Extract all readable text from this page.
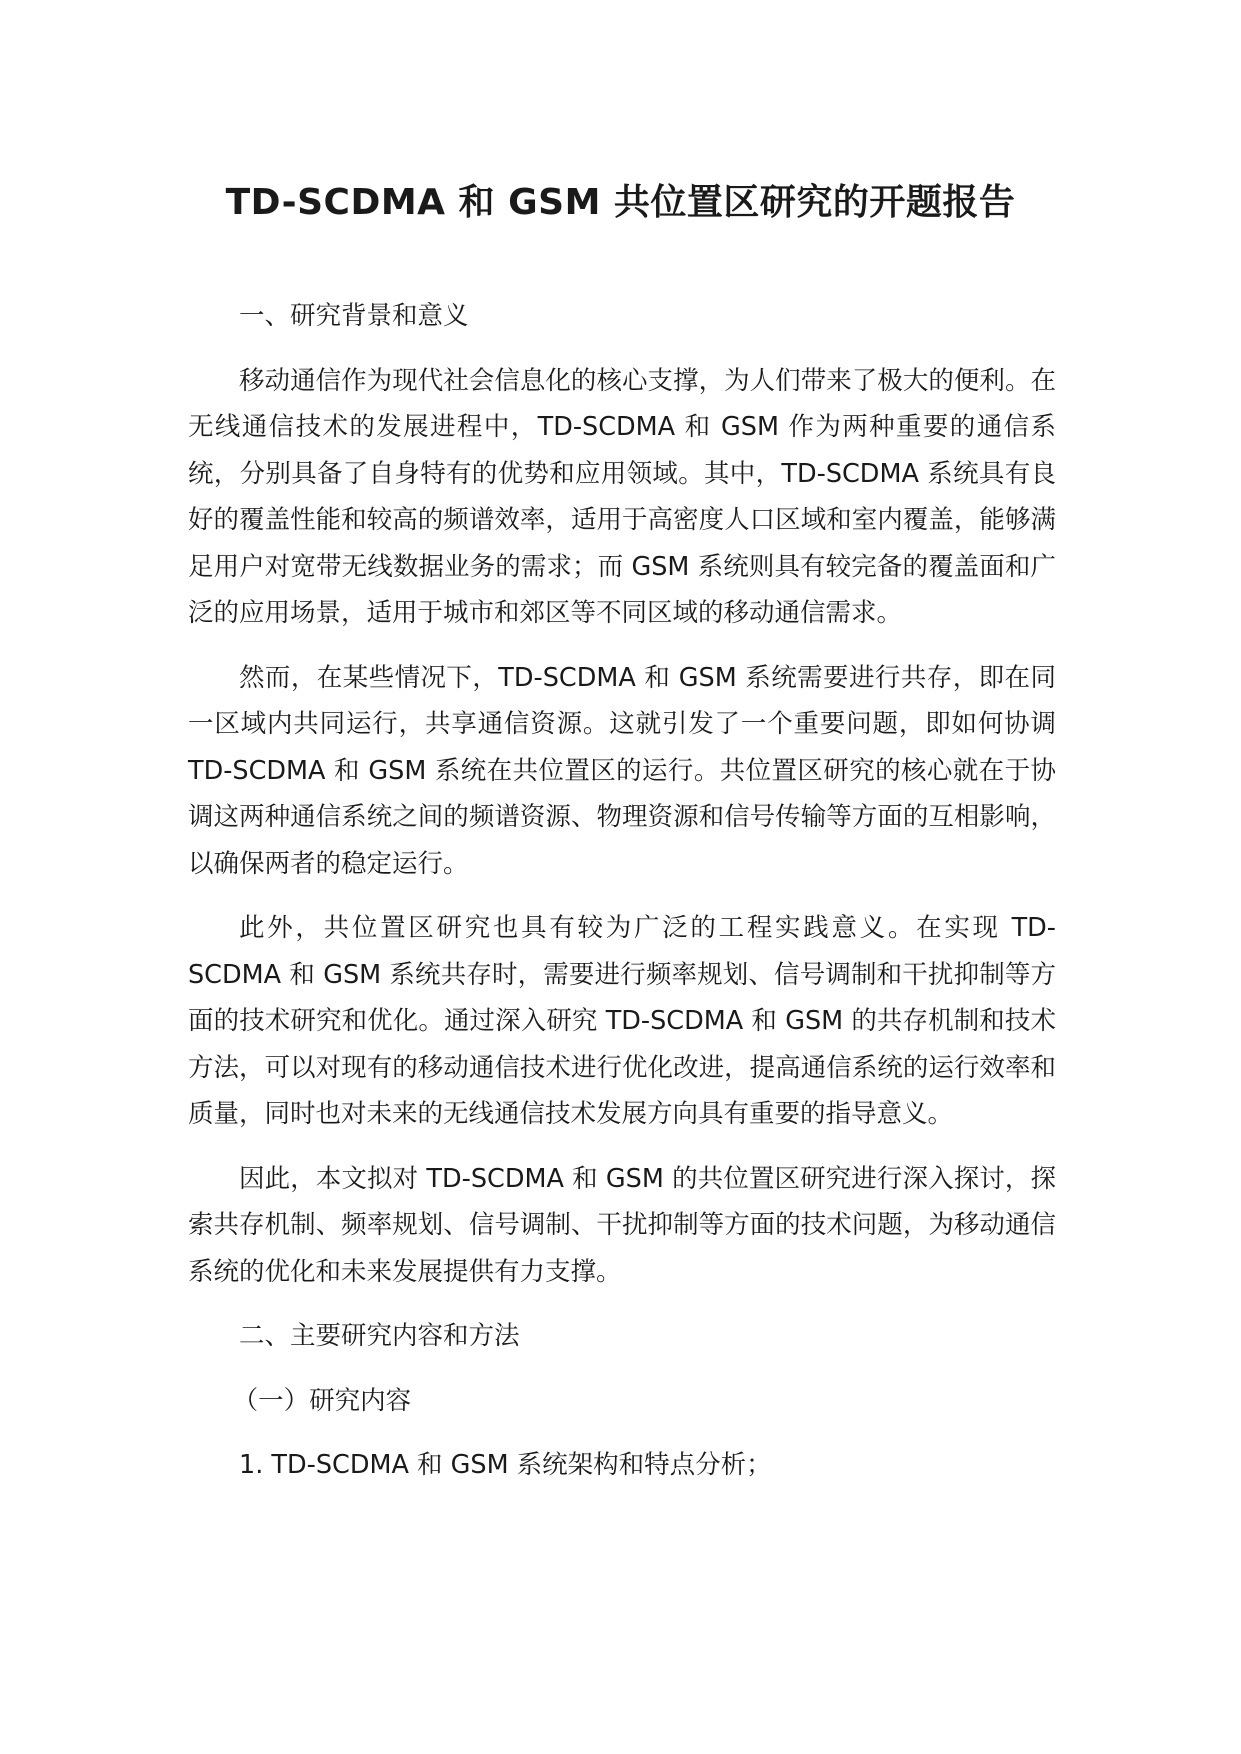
TD-SCDMA 和 GSM 共位置区研究的开题报告

一、研究背景和意义

移动通信作为现代社会信息化的核心支撑，为人们带来了极大的便利。在无线通信技术的发展进程中，TD-SCDMA 和 GSM 作为两种重要的通信系统，分别具备了自身特有的优势和应用领域。其中，TD-SCDMA 系统具有良好的覆盖性能和较高的频谱效率，适用于高密度人口区域和室内覆盖，能够满足用户对宽带无线数据业务的需求；而 GSM 系统则具有较完备的覆盖面和广泛的应用场景，适用于城市和郊区等不同区域的移动通信需求。

然而，在某些情况下，TD-SCDMA 和 GSM 系统需要进行共存，即在同一区域内共同运行，共享通信资源。这就引发了一个重要问题，即如何协调 TD-SCDMA 和 GSM 系统在共位置区的运行。共位置区研究的核心就在于协调这两种通信系统之间的频谱资源、物理资源和信号传输等方面的互相影响，以确保两者的稳定运行。

此外，共位置区研究也具有较为广泛的工程实践意义。在实现 TD-SCDMA 和 GSM 系统共存时，需要进行频率规划、信号调制和干扰抑制等方面的技术研究和优化。通过深入研究 TD-SCDMA 和 GSM 的共存机制和技术方法，可以对现有的移动通信技术进行优化改进，提高通信系统的运行效率和质量，同时也对未来的无线通信技术发展方向具有重要的指导意义。

因此，本文拟对 TD-SCDMA 和 GSM 的共位置区研究进行深入探讨，探索共存机制、频率规划、信号调制、干扰抑制等方面的技术问题，为移动通信系统的优化和未来发展提供有力支撑。

二、主要研究内容和方法

（一）研究内容

1. TD-SCDMA 和 GSM 系统架构和特点分析；
